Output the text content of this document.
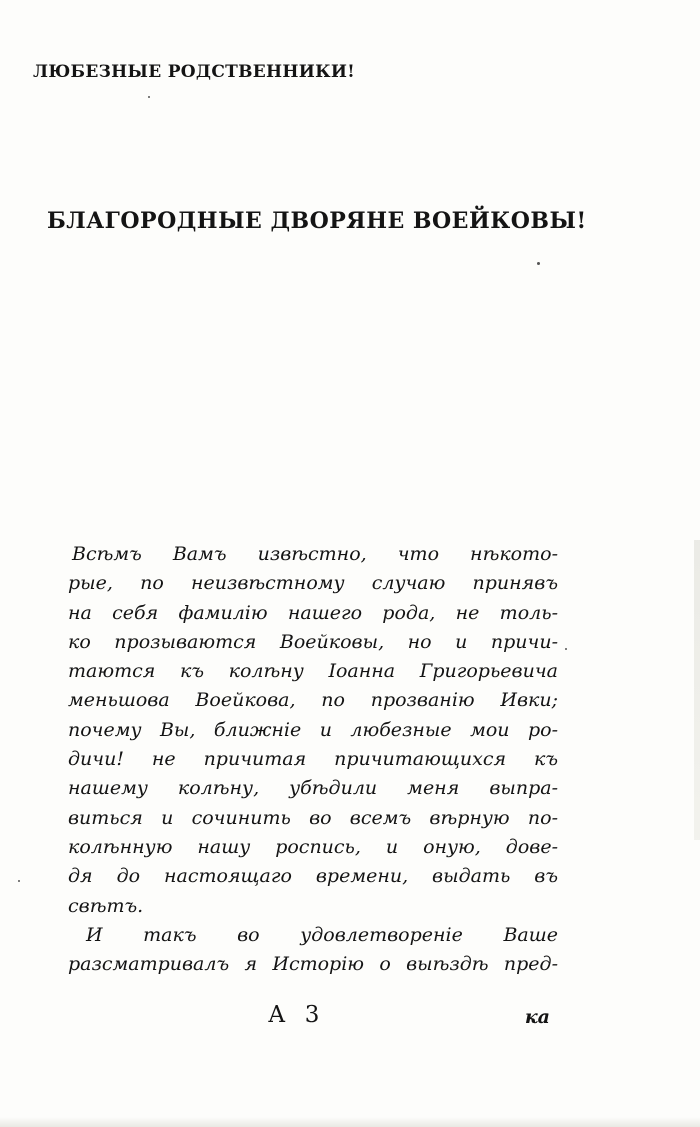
ЛЮБЕЗНЫЕ РОДСТВЕННИКИ!
БЛАГОРОДНЫЕ ДВОРЯНЕ ВОЕЙКОВЫ!
Всѣмъ Вамъ извѣстно, что нѣкото-
рые, по неизвѣстному случаю принявъ
на себя фамилію нашего рода, не толь-
ко прозываются Воейковы, но и причи-
таются къ колѣну Іоанна Григорьевича
меньшова Воейкова, по прозванію Ивки;
почему Вы, ближніе и любезные мои ро-
дичи! не причитая причитающихся къ
нашему колѣну, убѣдили меня выпра-
виться и сочинить во всемъ вѣрную по-
колѣнную нашу роспись, и оную, дове-
дя до настоящаго времени, выдать въ
свѣтъ.
И такъ во удовлетвореніе Ваше
разсматривалъ я Исторію о выѣздѣ пред-
А 3	ка
